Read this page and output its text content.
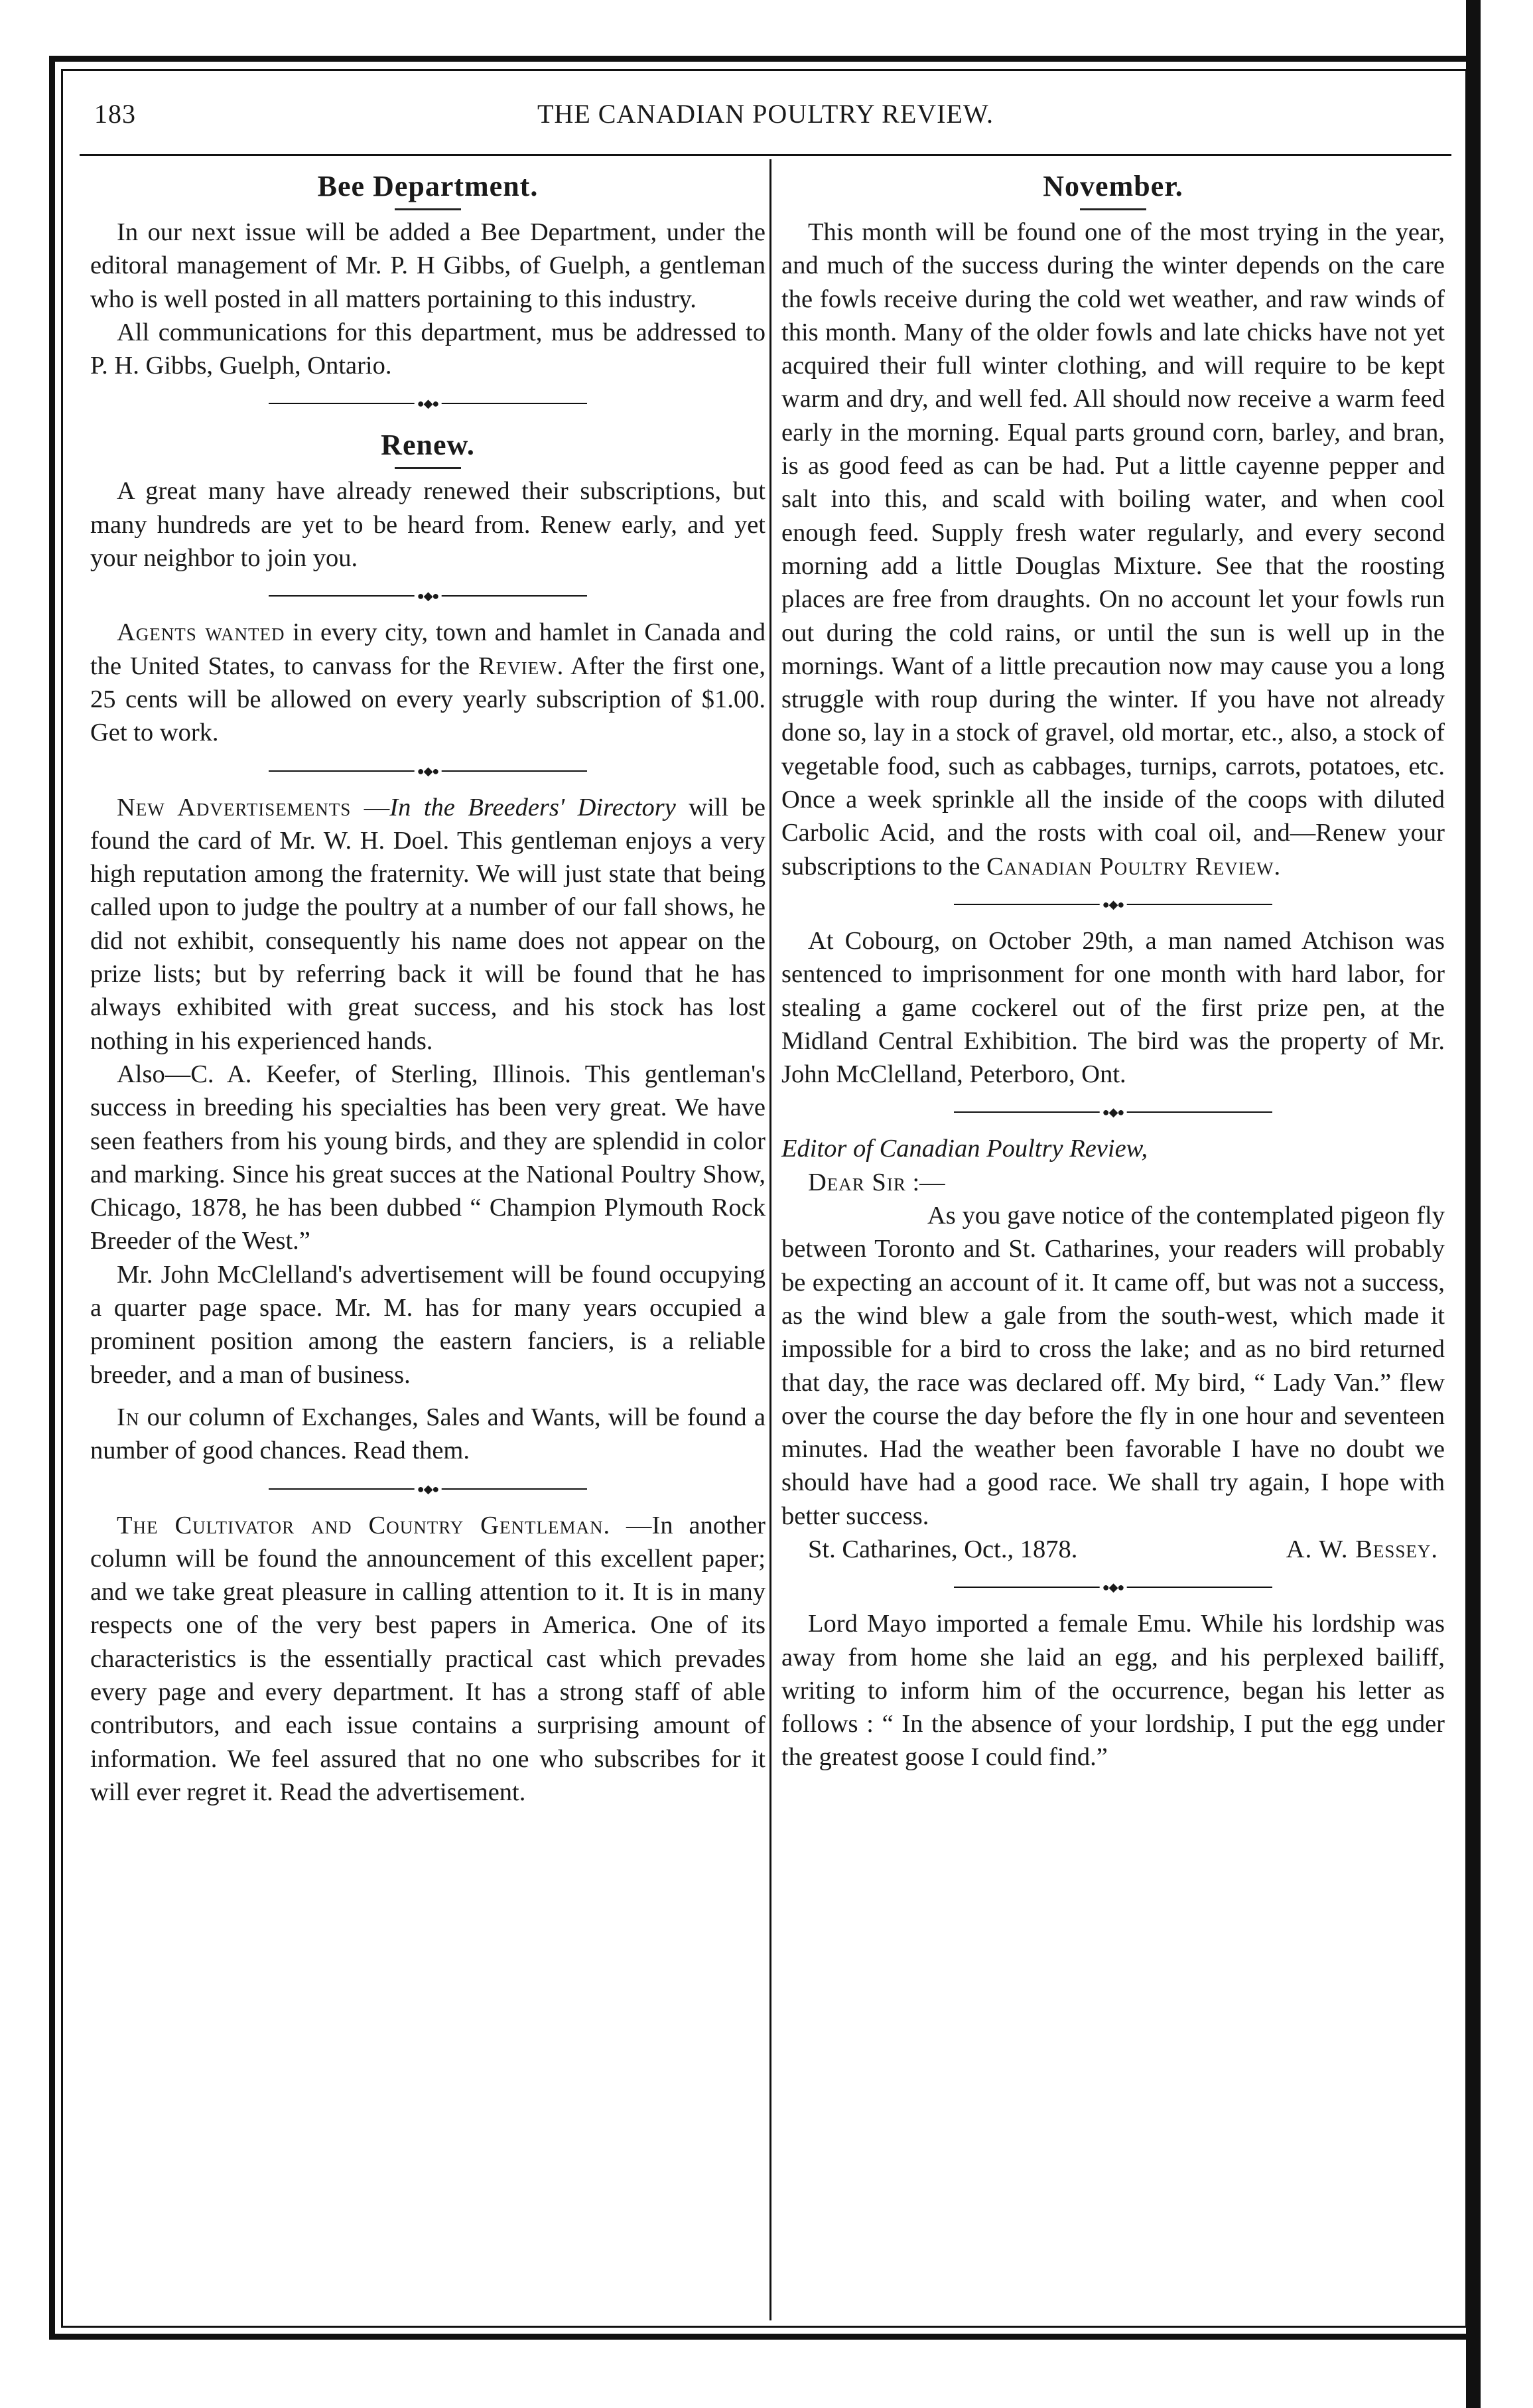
183	THE CANADIAN POULTRY REVIEW.
Bee Department.

In our next issue will be added a Bee Department, under the editoral management of Mr. P. H Gibbs, of Guelph, a gentleman who is well posted in all matters portaining to this industry.

All communications for this department, mus be addressed to P. H. Gibbs, Guelph, Ontario.

●◆●
Renew.

A great many have already renewed their subscriptions, but many hundreds are yet to be heard from. Renew early, and yet your neighbor to join you.

●◆●

Agents wanted in every city, town and hamlet in Canada and the United States, to canvass for the Review. After the first one, 25 cents will be allowed on every yearly subscription of $1.00. Get to work.

●◆●

New Advertisements —In the Breeders' Directory will be found the card of Mr. W. H. Doel. This gentleman enjoys a very high reputation among the fraternity. We will just state that being called upon to judge the poultry at a number of our fall shows, he did not exhibit, consequently his name does not appear on the prize lists; but by referring back it will be found that he has always exhibited with great success, and his stock has lost nothing in his experienced hands.

Also—C. A. Keefer, of Sterling, Illinois. This gentleman's success in breeding his specialties has been very great. We have seen feathers from his young birds, and they are splendid in color and marking. Since his great succes at the National Poultry Show, Chicago, 1878, he has been dubbed “ Champion Plymouth Rock Breeder of the West.”

Mr. John McClelland's advertisement will be found occupying a quarter page space. Mr. M. has for many years occupied a prominent position among the eastern fanciers, is a reliable breeder, and a man of business.

In our column of Exchanges, Sales and Wants, will be found a number of good chances. Read them.

●◆●

The Cultivator and Country Gentleman. —In another column will be found the announcement of this excellent paper; and we take great pleasure in calling attention to it. It is in many respects one of the very best papers in America. One of its characteristics is the essentially practical cast which prevades every page and every department. It has a strong staff of able contributors, and each issue contains a surprising amount of information. We feel assured that no one who subscribes for it will ever regret it. Read the advertisement.

November.

This month will be found one of the most trying in the year, and much of the success during the winter depends on the care the fowls receive during the cold wet weather, and raw winds of this month. Many of the older fowls and late chicks have not yet acquired their full winter clothing, and will require to be kept warm and dry, and well fed. All should now receive a warm feed early in the morning. Equal parts ground corn, barley, and bran, is as good feed as can be had. Put a little cayenne pepper and salt into this, and scald with boiling water, and when cool enough feed. Supply fresh water regularly, and every second morning add a little Douglas Mixture. See that the roosting places are free from draughts. On no account let your fowls run out during the cold rains, or until the sun is well up in the mornings. Want of a little precaution now may cause you a long struggle with roup during the winter. If you have not already done so, lay in a stock of gravel, old mortar, etc., also, a stock of vegetable food, such as cabbages, turnips, carrots, potatoes, etc. Once a week sprinkle all the inside of the coops with diluted Carbolic Acid, and the rosts with coal oil, and—Renew your subscriptions to the Canadian Poultry Review.

●◆●

At Cobourg, on October 29th, a man named Atchison was sentenced to imprisonment for one month with hard labor, for stealing a game cockerel out of the first prize pen, at the Midland Central Exhibition. The bird was the property of Mr. John McClelland, Peterboro, Ont.

●◆●

Editor of Canadian Poultry Review,

Dear Sir :—

As you gave notice of the contemplated pigeon fly between Toronto and St. Catharines, your readers will probably be expecting an account of it. It came off, but was not a success, as the wind blew a gale from the south-west, which made it impossible for a bird to cross the lake; and as no bird returned that day, the race was declared off. My bird, “ Lady Van.” flew over the course the day before the fly in one hour and seventeen minutes. Had the weather been favorable I have no doubt we should have had a good race. We shall try again, I hope with better success.

St. Catharines, Oct., 1878.	A. W. Bessey.
●◆●

Lord Mayo imported a female Emu. While his lordship was away from home she laid an egg, and his perplexed bailiff, writing to inform him of the occurrence, began his letter as follows : “ In the absence of your lordship, I put the egg under the greatest goose I could find.”
